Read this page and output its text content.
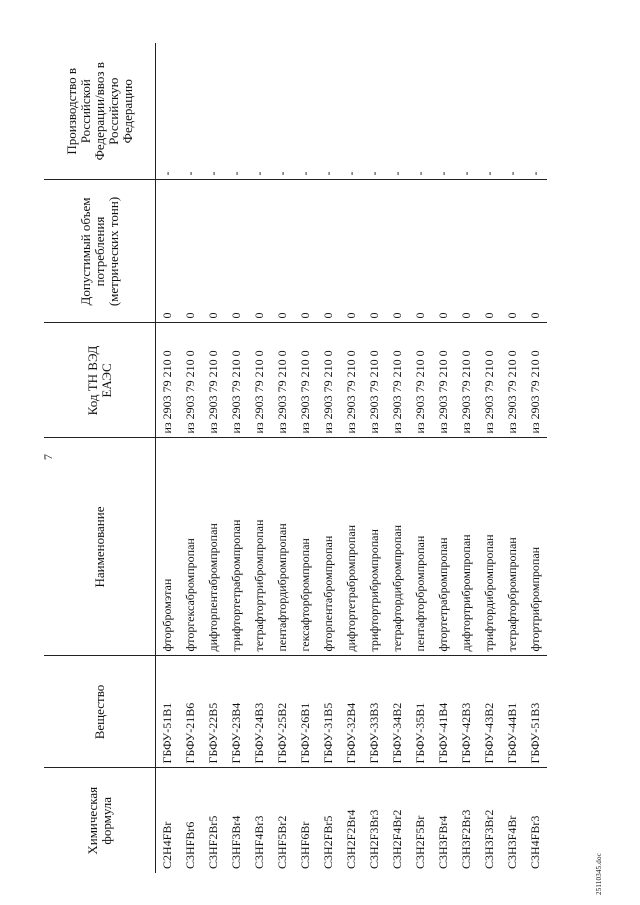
7
Химическая формула	Вещество	Наименование	Код ТН ВЭД ЕАЭС	Допустимый объем потребления (метрических тонн)	Производство в Российской Федерации/ввоз в Российскую Федерацию
C2H4FBr	ГБФУ-51B1	фторбромэтан	из 2903 79 210 0	0	-
C3HFBr6	ГБФУ-21B6	фторгексабромпропан	из 2903 79 210 0	0	-
C3HF2Br5	ГБФУ-22B5	дифторпентабромпропан	из 2903 79 210 0	0	-
C3HF3Br4	ГБФУ-23B4	трифтортетрабромпропан	из 2903 79 210 0	0	-
C3HF4Br3	ГБФУ-24B3	тетрафтортрибромпропан	из 2903 79 210 0	0	-
C3HF5Br2	ГБФУ-25B2	пентафтордибромпропан	из 2903 79 210 0	0	-
C3HF6Br	ГБФУ-26B1	гексафторбромпропан	из 2903 79 210 0	0	-
C3H2FBr5	ГБФУ-31B5	фторпентабромпропан	из 2903 79 210 0	0	-
C3H2F2Br4	ГБФУ-32B4	дифтортетрабромпропан	из 2903 79 210 0	0	-
C3H2F3Br3	ГБФУ-33B3	трифтортрибромпропан	из 2903 79 210 0	0	-
C3H2F4Br2	ГБФУ-34B2	тетрафтордибромпропан	из 2903 79 210 0	0	-
C3H2F5Br	ГБФУ-35B1	пентафторбромпропан	из 2903 79 210 0	0	-
C3H3FBr4	ГБФУ-41B4	фтортетрабромпропан	из 2903 79 210 0	0	-
C3H3F2Br3	ГБФУ-42B3	дифтортрибромпропан	из 2903 79 210 0	0	-
C3H3F3Br2	ГБФУ-43B2	трифтордибромпропан	из 2903 79 210 0	0	-
C3H3F4Br	ГБФУ-44B1	тетрафторбромпропан	из 2903 79 210 0	0	-
C3H4FBr3	ГБФУ-51B3	фтортрибромпропан	из 2903 79 210 0	0	-
25110345.doc
